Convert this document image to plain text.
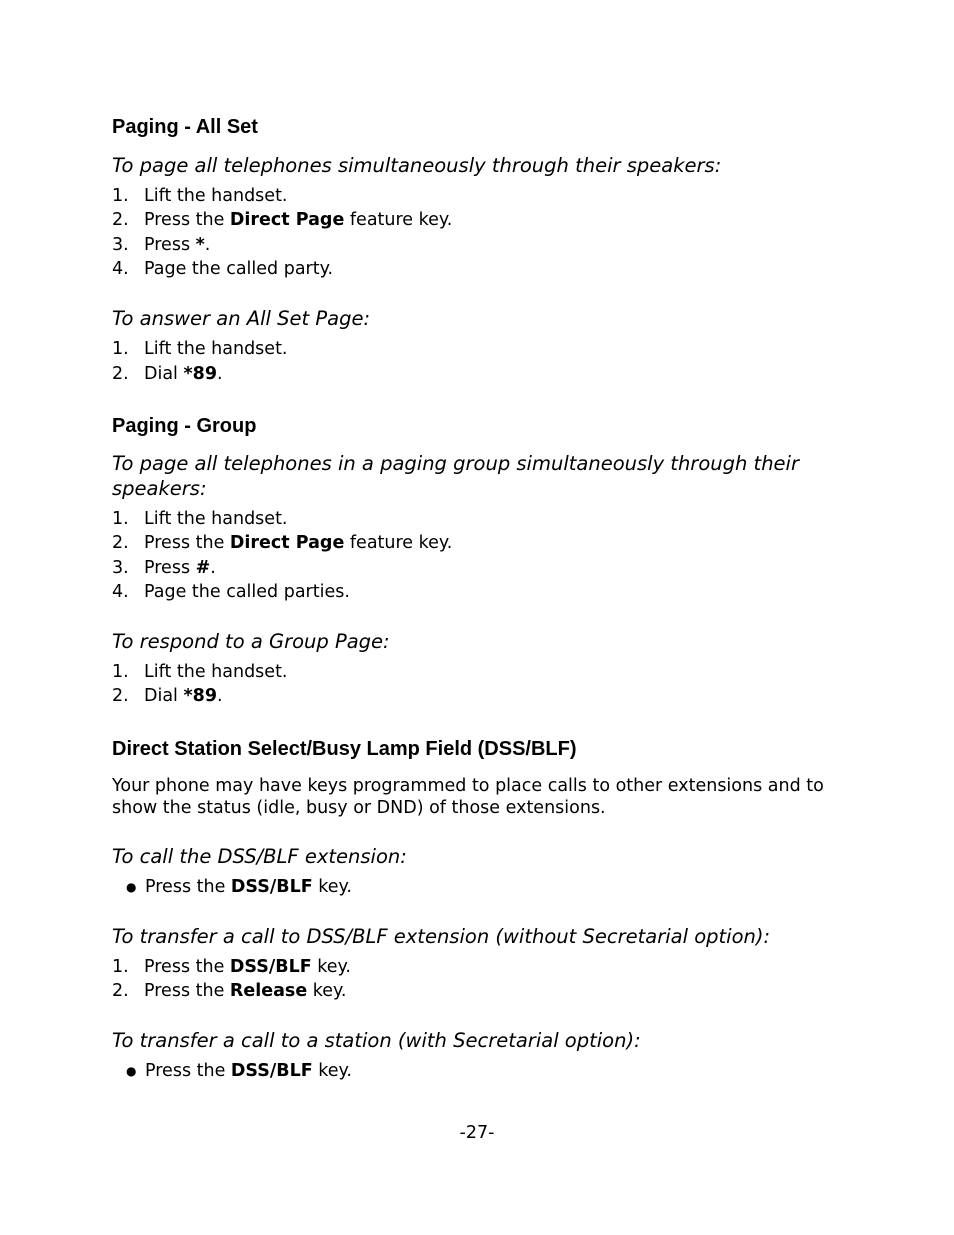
Paging - All Set

To page all telephones simultaneously through their speakers:

1. Lift the handset.
2. Press the Direct Page feature key.
3. Press *.
4. Page the called party.

To answer an All Set Page:

1. Lift the handset.
2. Dial *89.
Paging - Group

To page all telephones in a paging group simultaneously through their speakers:

1. Lift the handset.
2. Press the Direct Page feature key.
3. Press #.
4. Page the called parties.

To respond to a Group Page:

1. Lift the handset.
2. Dial *89.
Direct Station Select/Busy Lamp Field (DSS/BLF)

Your phone may have keys programmed to place calls to other extensions and to show the status (idle, busy or DND) of those extensions.

To call the DSS/BLF extension:

● Press the DSS/BLF key.

To transfer a call to DSS/BLF extension (without Secretarial option):

1. Press the DSS/BLF key.
2. Press the Release key.

To transfer a call to a station (with Secretarial option):

● Press the DSS/BLF key.
-27-
